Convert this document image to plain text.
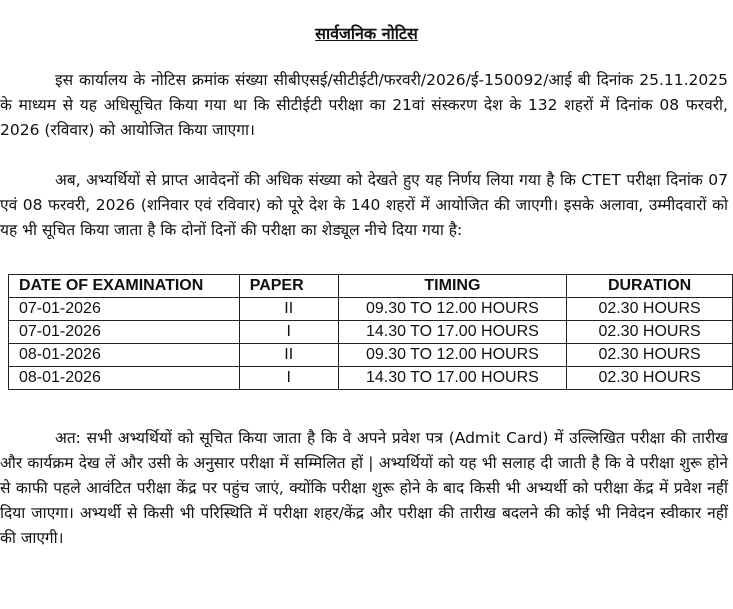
सार्वजनिक नोटिस
इस कार्यालय के नोटिस क्रमांक संख्या सीबीएसई/सीटीईटी/फरवरी/2026/ई-150092/आई बी दिनांक 25.11.2025 के माध्यम से यह अधिसूचित किया गया था कि सीटीईटी परीक्षा का 21वां संस्करण देश के 132 शहरों में दिनांक 08 फरवरी, 2026 (रविवार) को आयोजित किया जाएगा।
अब, अभ्यर्थियों से प्राप्त आवेदनों की अधिक संख्या को देखते हुए यह निर्णय लिया गया है कि CTET परीक्षा दिनांक 07 एवं 08 फरवरी, 2026 (शनिवार एवं रविवार) को पूरे देश के 140 शहरों में आयोजित की जाएगी। इसके अलावा, उम्मीदवारों को यह भी सूचित किया जाता है कि दोनों दिनों की परीक्षा का शेड्यूल नीचे दिया गया है:
DATE OF EXAMINATION	PAPER	TIMING	DURATION
07-01-2026	II	09.30 TO 12.00 HOURS	02.30 HOURS
07-01-2026	I	14.30 TO 17.00 HOURS	02.30 HOURS
08-01-2026	II	09.30 TO 12.00 HOURS	02.30 HOURS
08-01-2026	I	14.30 TO 17.00 HOURS	02.30 HOURS
अत: सभी अभ्यर्थियों को सूचित किया जाता है कि वे अपने प्रवेश पत्र (Admit Card) में उल्लिखित परीक्षा की तारीख और कार्यक्रम देख लें और उसी के अनुसार परीक्षा में सम्मिलित हों | अभ्यर्थियों को यह भी सलाह दी जाती है कि वे परीक्षा शुरू होने से काफी पहले आवंटित परीक्षा केंद्र पर पहुंच जाएं, क्योंकि परीक्षा शुरू होने के बाद किसी भी अभ्यर्थी को परीक्षा केंद्र में प्रवेश नहीं दिया जाएगा। अभ्यर्थी से किसी भी परिस्थिति में परीक्षा शहर/केंद्र और परीक्षा की तारीख बदलने की कोई भी निवेदन स्वीकार नहीं की जाएगी।
